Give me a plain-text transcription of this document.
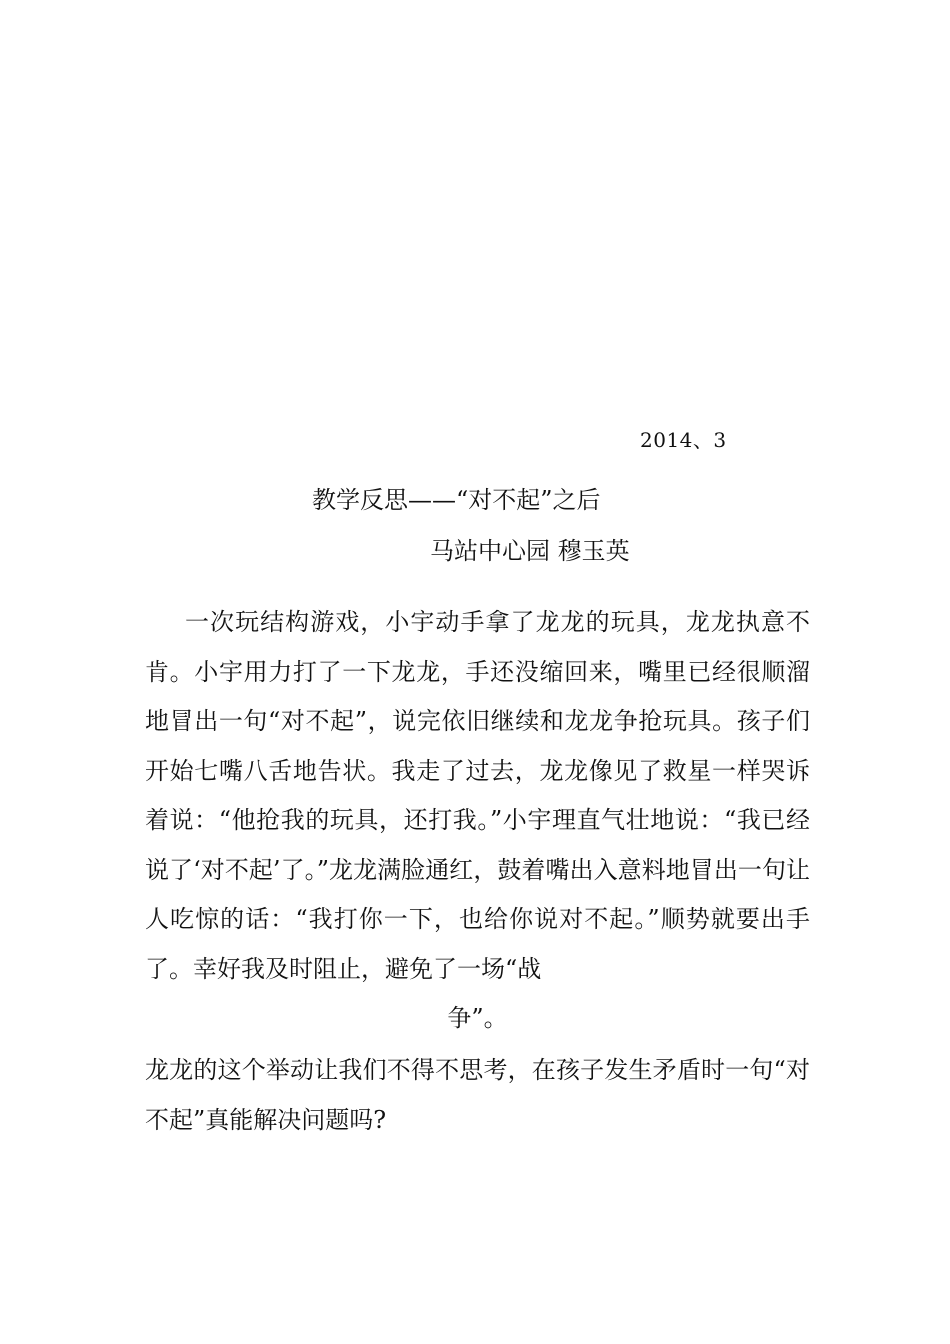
2014、3
教学反思——“对不起”之后
马站中心园 穆玉英
一次玩结构游戏，小宇动手拿了龙龙的玩具，龙龙执意不肯。小宇用力打了一下龙龙，手还没缩回来，嘴里已经很顺溜地冒出一句“对不起”，说完依旧继续和龙龙争抢玩具。孩子们开始七嘴八舌地告状。我走了过去，龙龙像见了救星一样哭诉着说：“他抢我的玩具，还打我。”小宇理直气壮地说：“我已经说了‘对不起’了。”龙龙满脸通红，鼓着嘴出入意料地冒出一句让人吃惊的话：“我打你一下，也给你说对不起。”顺势就要出手了。幸好我及时阻止，避免了一场“战
争”。
龙龙的这个举动让我们不得不思考，在孩子发生矛盾时一句“对不起”真能解决问题吗?
